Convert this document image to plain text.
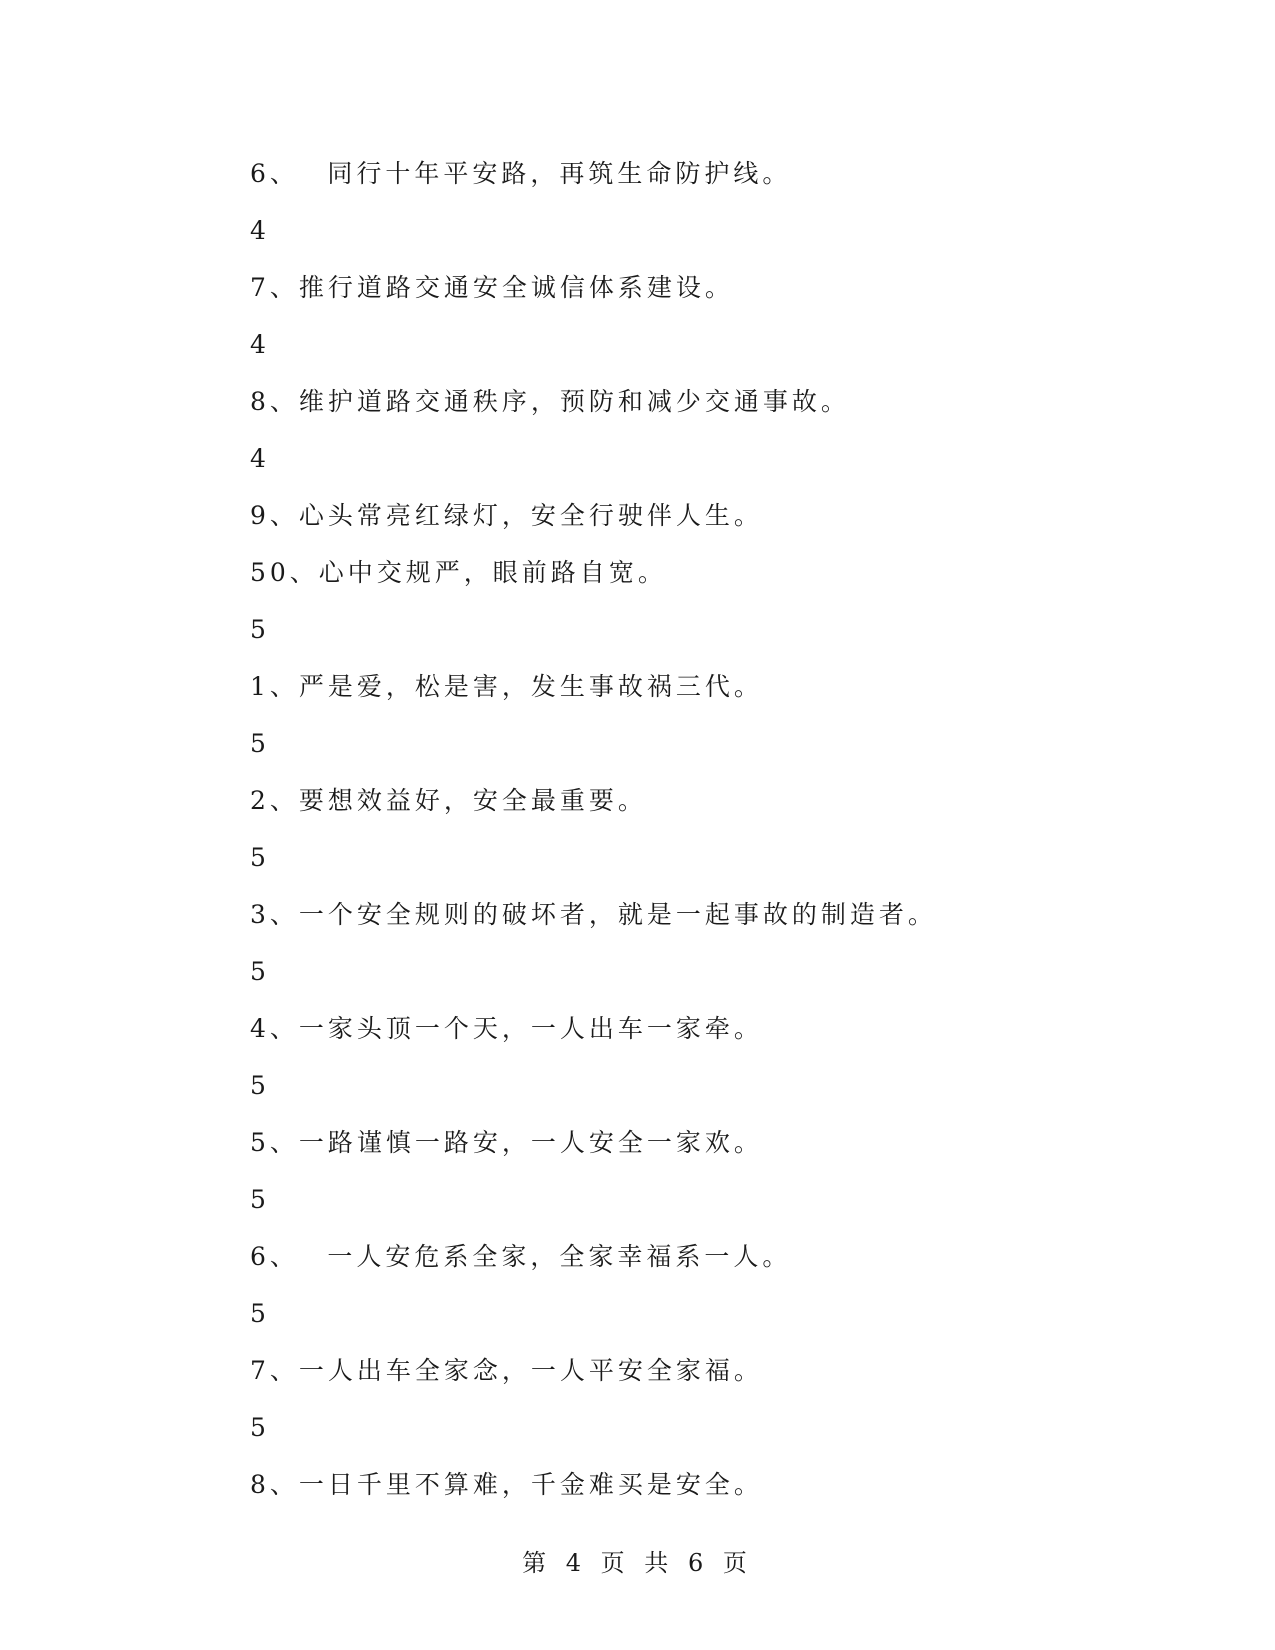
6、　 同行十年平安路，再筑生命防护线。
4
7、推行道路交通安全诚信体系建设。
4
8、维护道路交通秩序，预防和减少交通事故。
4
9、心头常亮红绿灯，安全行驶伴人生。
50、心中交规严，眼前路自宽。
5
1、严是爱，松是害，发生事故祸三代。
5
2、要想效益好，安全最重要。
5
3、一个安全规则的破坏者，就是一起事故的制造者。
5
4、一家头顶一个天，一人出车一家牵。
5
5、一路谨慎一路安，一人安全一家欢。
5
6、　 一人安危系全家，全家幸福系一人。
5
7、一人出车全家念，一人平安全家福。
5
8、一日千里不算难，千金难买是安全。
第 4 页 共 6 页
